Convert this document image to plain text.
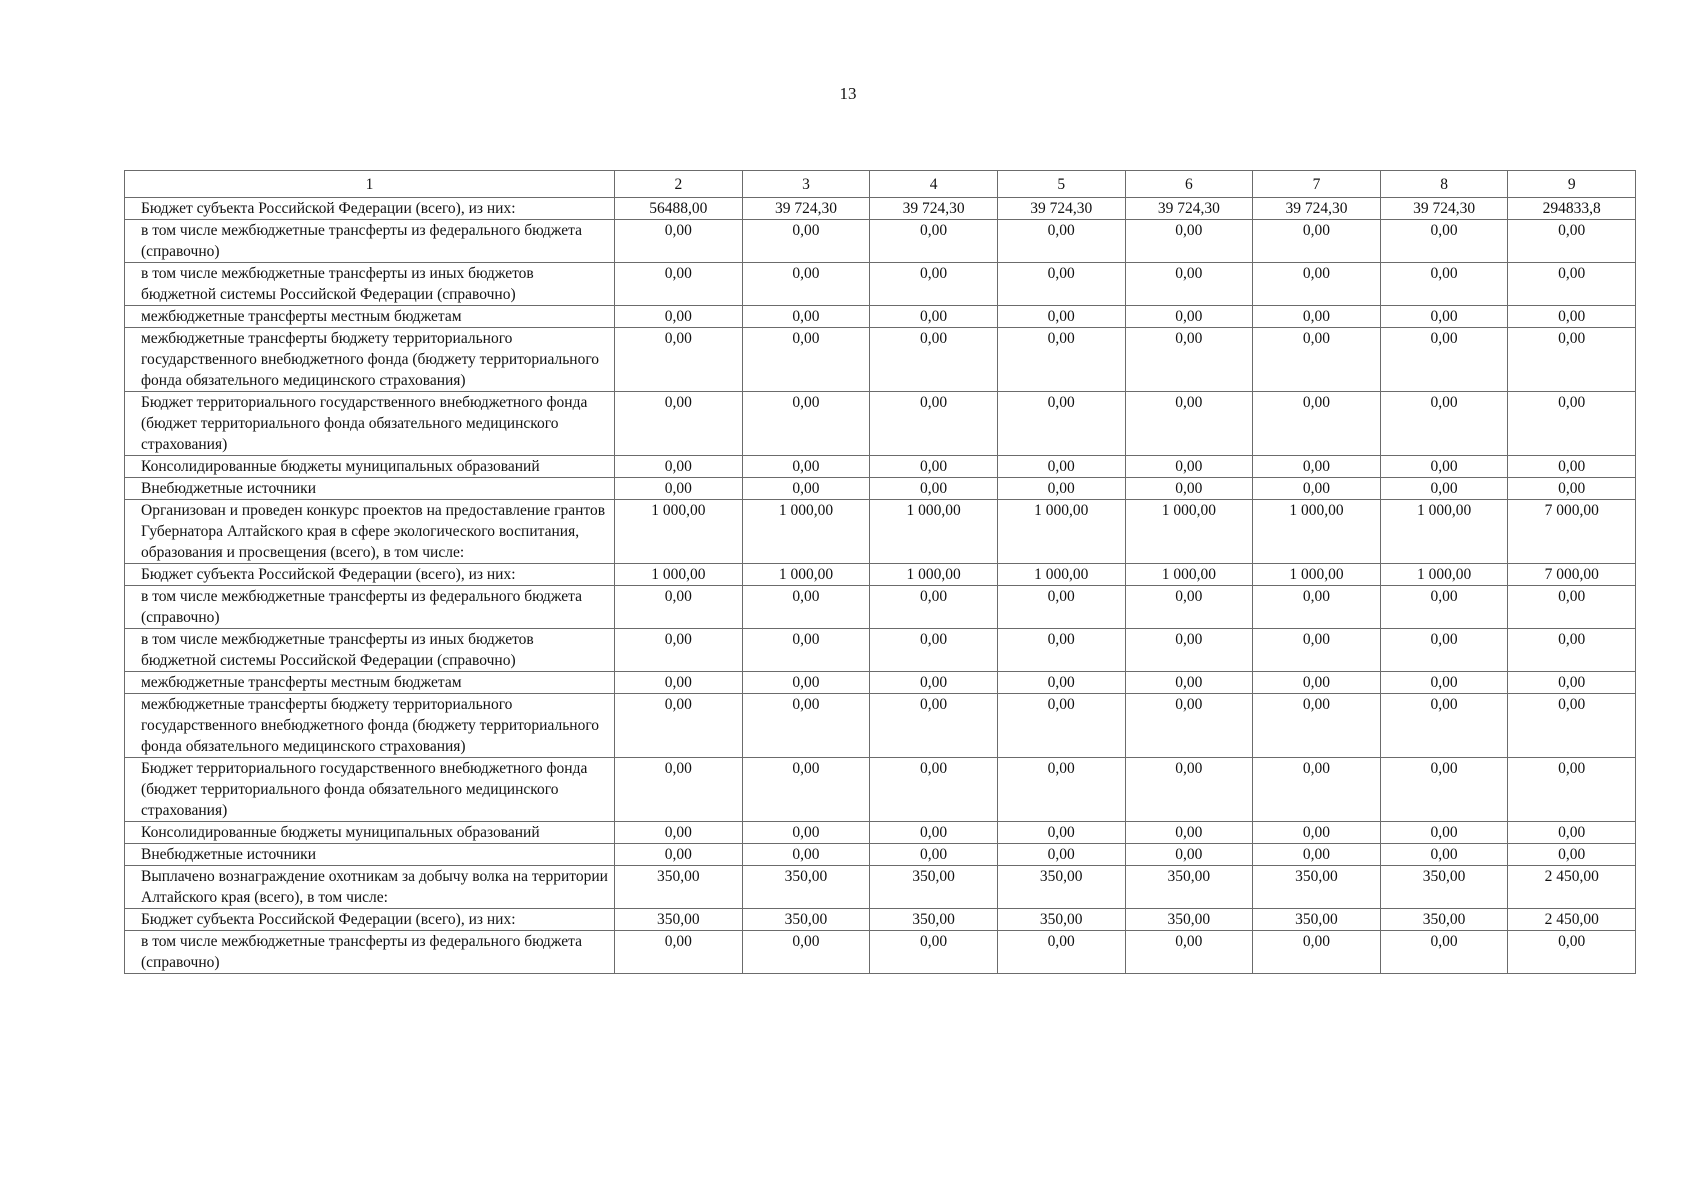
13
1	2	3	4	5	6	7	8	9
Бюджет субъекта Российской Федерации (всего), из них:	56488,00	39 724,30	39 724,30	39 724,30	39 724,30	39 724,30	39 724,30	294833,8
в том числе межбюджетные трансферты из федерального бюджета (справочно)	0,00	0,00	0,00	0,00	0,00	0,00	0,00	0,00
в том числе межбюджетные трансферты из иных бюджетов бюджетной системы Российской Федерации (справочно)	0,00	0,00	0,00	0,00	0,00	0,00	0,00	0,00
межбюджетные трансферты местным бюджетам	0,00	0,00	0,00	0,00	0,00	0,00	0,00	0,00
межбюджетные трансферты бюджету территориального государственного внебюджетного фонда (бюджету территориального фонда обязательного медицинского страхования)	0,00	0,00	0,00	0,00	0,00	0,00	0,00	0,00
Бюджет территориального государственного внебюджетного фонда (бюджет территориального фонда обязательного медицинского страхования)	0,00	0,00	0,00	0,00	0,00	0,00	0,00	0,00
Консолидированные бюджеты муниципальных образований	0,00	0,00	0,00	0,00	0,00	0,00	0,00	0,00
Внебюджетные источники	0,00	0,00	0,00	0,00	0,00	0,00	0,00	0,00
Организован и проведен конкурс проектов на предоставление грантов Губернатора Алтайского края в сфере экологического воспитания, образования и просвещения (всего), в том числе:	1 000,00	1 000,00	1 000,00	1 000,00	1 000,00	1 000,00	1 000,00	7 000,00
Бюджет субъекта Российской Федерации (всего), из них:	1 000,00	1 000,00	1 000,00	1 000,00	1 000,00	1 000,00	1 000,00	7 000,00
в том числе межбюджетные трансферты из федерального бюджета (справочно)	0,00	0,00	0,00	0,00	0,00	0,00	0,00	0,00
в том числе межбюджетные трансферты из иных бюджетов бюджетной системы Российской Федерации (справочно)	0,00	0,00	0,00	0,00	0,00	0,00	0,00	0,00
межбюджетные трансферты местным бюджетам	0,00	0,00	0,00	0,00	0,00	0,00	0,00	0,00
межбюджетные трансферты бюджету территориального государственного внебюджетного фонда (бюджету территориального фонда обязательного медицинского страхования)	0,00	0,00	0,00	0,00	0,00	0,00	0,00	0,00
Бюджет территориального государственного внебюджетного фонда (бюджет территориального фонда обязательного медицинского страхования)	0,00	0,00	0,00	0,00	0,00	0,00	0,00	0,00
Консолидированные бюджеты муниципальных образований	0,00	0,00	0,00	0,00	0,00	0,00	0,00	0,00
Внебюджетные источники	0,00	0,00	0,00	0,00	0,00	0,00	0,00	0,00
Выплачено вознаграждение охотникам за добычу волка на территории Алтайского края (всего), в том числе:	350,00	350,00	350,00	350,00	350,00	350,00	350,00	2 450,00
Бюджет субъекта Российской Федерации (всего), из них:	350,00	350,00	350,00	350,00	350,00	350,00	350,00	2 450,00
в том числе межбюджетные трансферты из федерального бюджета (справочно)	0,00	0,00	0,00	0,00	0,00	0,00	0,00	0,00
